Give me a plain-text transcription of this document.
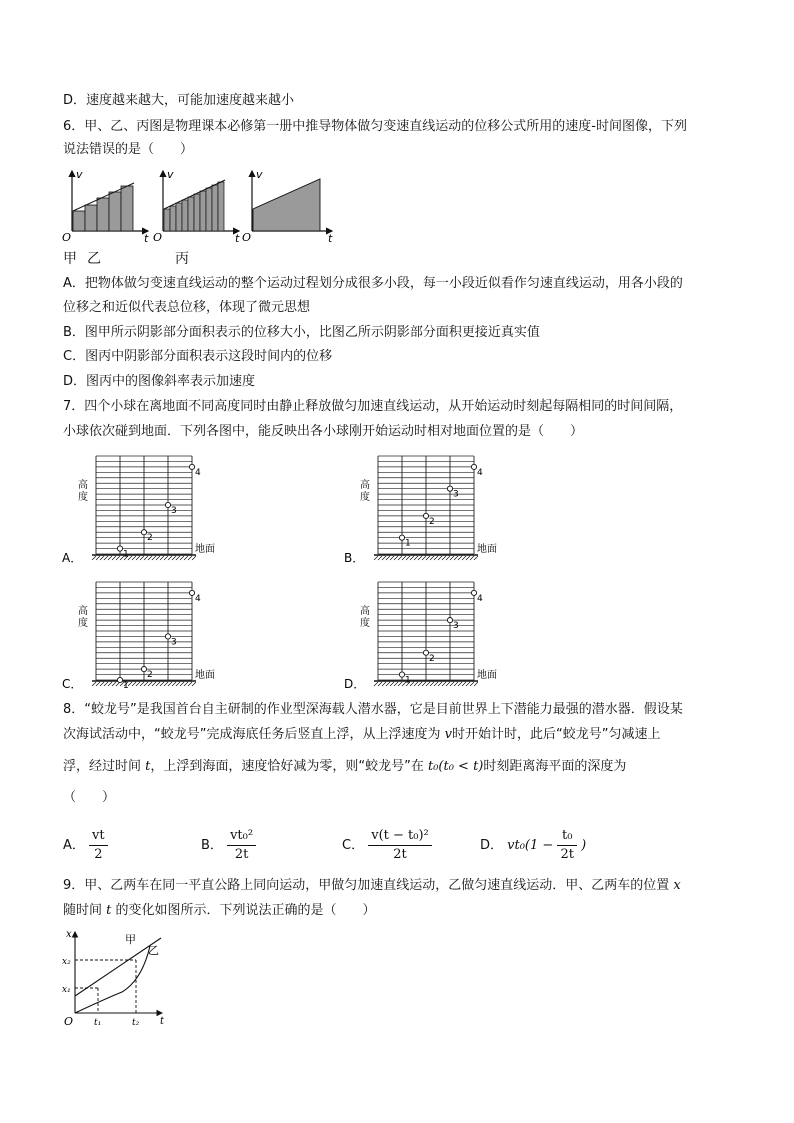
D．速度越来越大，可能加速度越来越小
6．甲、乙、丙图是物理课本必修第一册中推导物体做匀变速直线运动的位移公式所用的速度-时间图像，下列
说法错误的是（　　）
O
v
t O
v
t O
v
t
甲 乙	丙
A．把物体做匀变速直线运动的整个运动过程划分成很多小段，每一小段近似看作匀速直线运动，用各小段的
位移之和近似代表总位移，体现了微元思想
B．图甲所示阴影部分面积表示的位移大小，比图乙所示阴影部分面积更接近真实值
C．图丙中阴影部分面积表示这段时间内的位移
D．图丙中的图像斜率表示加速度
7．四个小球在离地面不同高度同时由静止释放做匀加速直线运动，从开始运动时刻起每隔相同的时间间隔，
小球依次碰到地面．下列各图中，能反映出各小球刚开始运动时相对地面位置的是（　　）
高
度
地面
A．	1
2
3
4
高
度
地面
B．
1
2
3
4
高
度
地面
C．	1
2
3
4
高
度
地面
D．	1
2
3
4
8．“蛟龙号”是我国首台自主研制的作业型深海载人潜水器，它是目前世界上下潜能力最强的潜水器．假设某
次海试活动中，“蛟龙号”完成海底任务后竖直上浮，从上浮速度为 v时开始计时，此后“蛟龙号”匀减速上
浮，经过时间 t，上浮到海面，速度恰好减为零，则“蛟龙号”在 t₀(t₀ < t)时刻距离海平面的深度为
（　　）
A． $\frac{vt}{2}$	B． $\frac{\text{vt₀²}}{2t}$	C． $\frac{\text{v(t − t₀)²}}{2t}$	D． $vt_0(1 - \frac{\text{t₀}}{2t}$ )
9．甲、乙两车在同一平直公路上同向运动，甲做匀加速直线运动，乙做匀速直线运动．甲、乙两车的位置 x
随时间 t 的变化如图所示．下列说法正确的是（　　）
x
t
O
甲
乙
x₂
x₁
t₁	t₂
